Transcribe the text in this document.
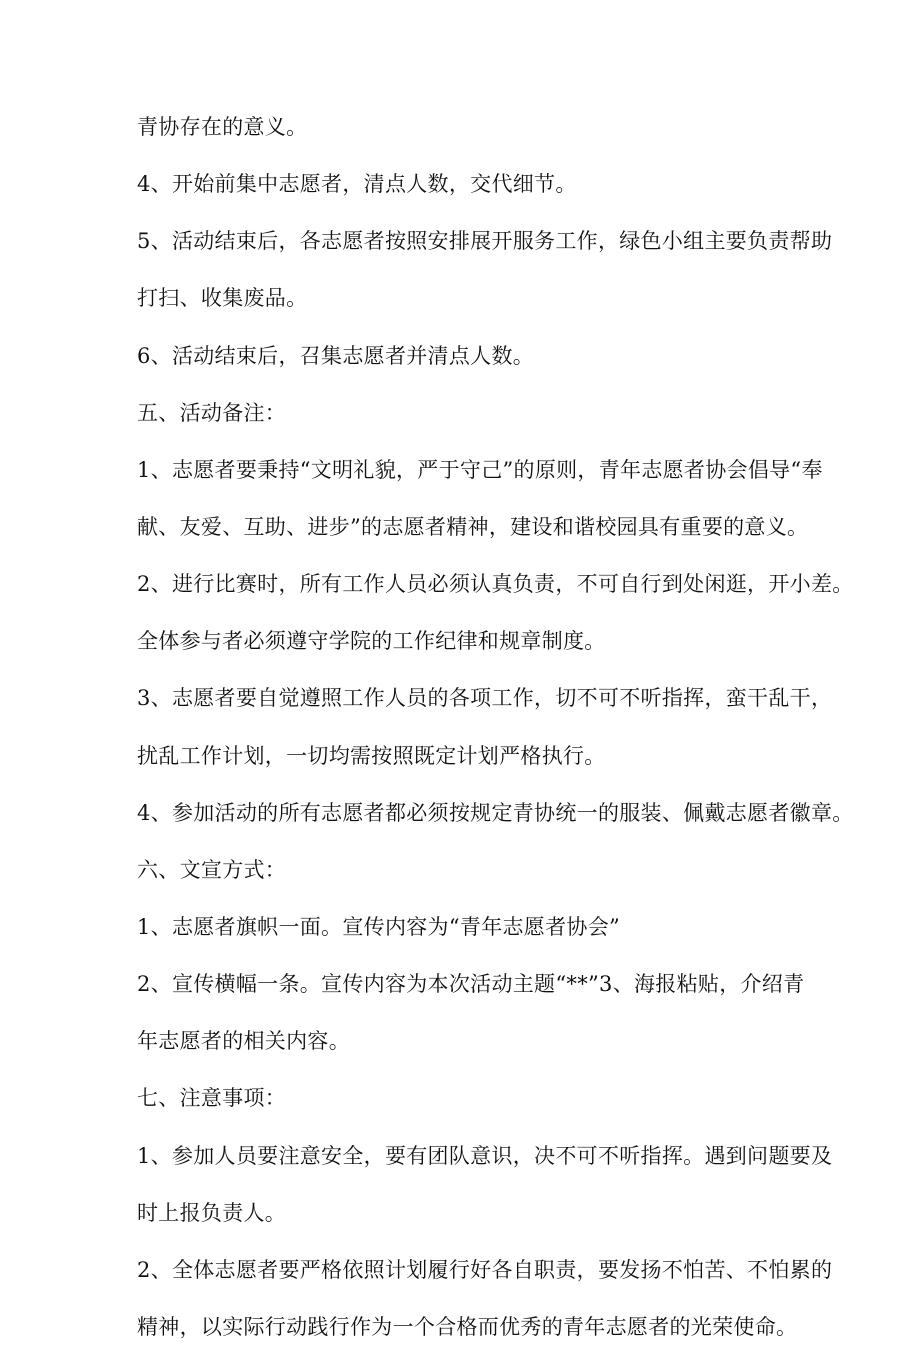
青协存在的意义。

4、开始前集中志愿者，清点人数，交代细节。

5、活动结束后，各志愿者按照安排展开服务工作，绿色小组主要负责帮助

打扫、收集废品。

6、活动结束后，召集志愿者并清点人数。

五、活动备注：

1、志愿者要秉持“文明礼貌，严于守己”的原则，青年志愿者协会倡导“奉

献、友爱、互助、进步”的志愿者精神，建设和谐校园具有重要的意义。

2、进行比赛时，所有工作人员必须认真负责，不可自行到处闲逛，开小差。

全体参与者必须遵守学院的工作纪律和规章制度。

3、志愿者要自觉遵照工作人员的各项工作，切不可不听指挥，蛮干乱干，

扰乱工作计划，一切均需按照既定计划严格执行。

4、参加活动的所有志愿者都必须按规定青协统一的服装、佩戴志愿者徽章。

六、文宣方式：

1、志愿者旗帜一面。宣传内容为“青年志愿者协会”

2、宣传横幅一条。宣传内容为本次活动主题“**”3、海报粘贴，介绍青

年志愿者的相关内容。

七、注意事项：

1、参加人员要注意安全，要有团队意识，决不可不听指挥。遇到问题要及

时上报负责人。

2、全体志愿者要严格依照计划履行好各自职责，要发扬不怕苦、不怕累的

精神，以实际行动践行作为一个合格而优秀的青年志愿者的光荣使命。
